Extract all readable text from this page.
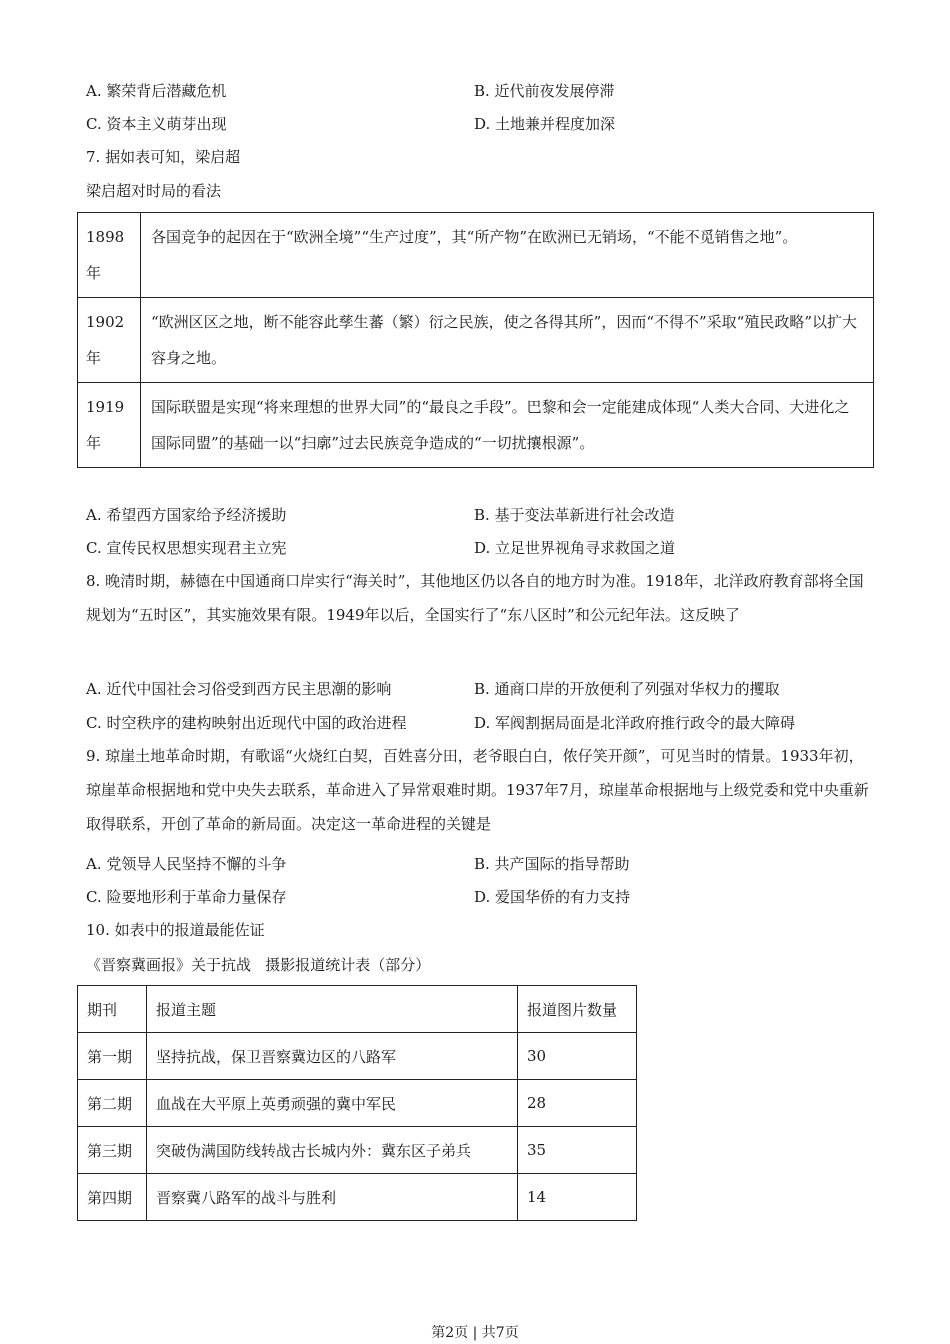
A. 繁荣背后潜藏危机	B. 近代前夜发展停滞
C. 资本主义萌芽出现	D. 土地兼并程度加深
7. 据如表可知，梁启超
梁启超对时局的看法
1898年	各国竞争的起因在于“欧洲全境”“生产过度”，其“所产物”在欧洲已无销场，“不能不觅销售之地”。
1902年	“欧洲区区之地，断不能容此孳生蕃（繁）衍之民族，使之各得其所”，因而“不得不”采取“殖民政略”以扩大容身之地。
1919年	国际联盟是实现“将来理想的世界大同”的“最良之手段”。巴黎和会一定能建成体现“人类大合同、大进化之国际同盟”的基础一以“扫廓”过去民族竞争造成的“一切扰攘根源”。
A. 希望西方国家给予经济援助	B. 基于变法革新进行社会改造
C. 宣传民权思想实现君主立宪	D. 立足世界视角寻求救国之道
8. 晚清时期，赫德在中国通商口岸实行“海关时”，其他地区仍以各自的地方时为准。1918年，北洋政府教育部将全国规划为“五时区”，其实施效果有限。1949年以后，全国实行了“东八区时”和公元纪年法。这反映了
A. 近代中国社会习俗受到西方民主思潮的影响	B. 通商口岸的开放便利了列强对华权力的攫取
C. 时空秩序的建构映射出近现代中国的政治进程	D. 军阀割据局面是北洋政府推行政令的最大障碍
9. 琼崖土地革命时期，有歌谣“火烧红白契，百姓喜分田，老爷眼白白，侬仔笑开颜”，可见当时的情景。1933年初，琼崖革命根据地和党中央失去联系，革命进入了异常艰难时期。1937年7月，琼崖革命根据地与上级党委和党中央重新取得联系，开创了革命的新局面。决定这一革命进程的关键是
A. 党领导人民坚持不懈的斗争	B. 共产国际的指导帮助
C. 险要地形利于革命力量保存	D. 爱国华侨的有力支持
10. 如表中的报道最能佐证
《晋察冀画报》关于抗战   摄影报道统计表（部分）
期刊	报道主题	报道图片数量
第一期	坚持抗战，保卫晋察冀边区的八路军	30
第二期	血战在大平原上英勇顽强的冀中军民	28
第三期	突破伪满国防线转战古长城内外：冀东区子弟兵	35
第四期	晋察冀八路军的战斗与胜利	14
第2页 | 共7页
